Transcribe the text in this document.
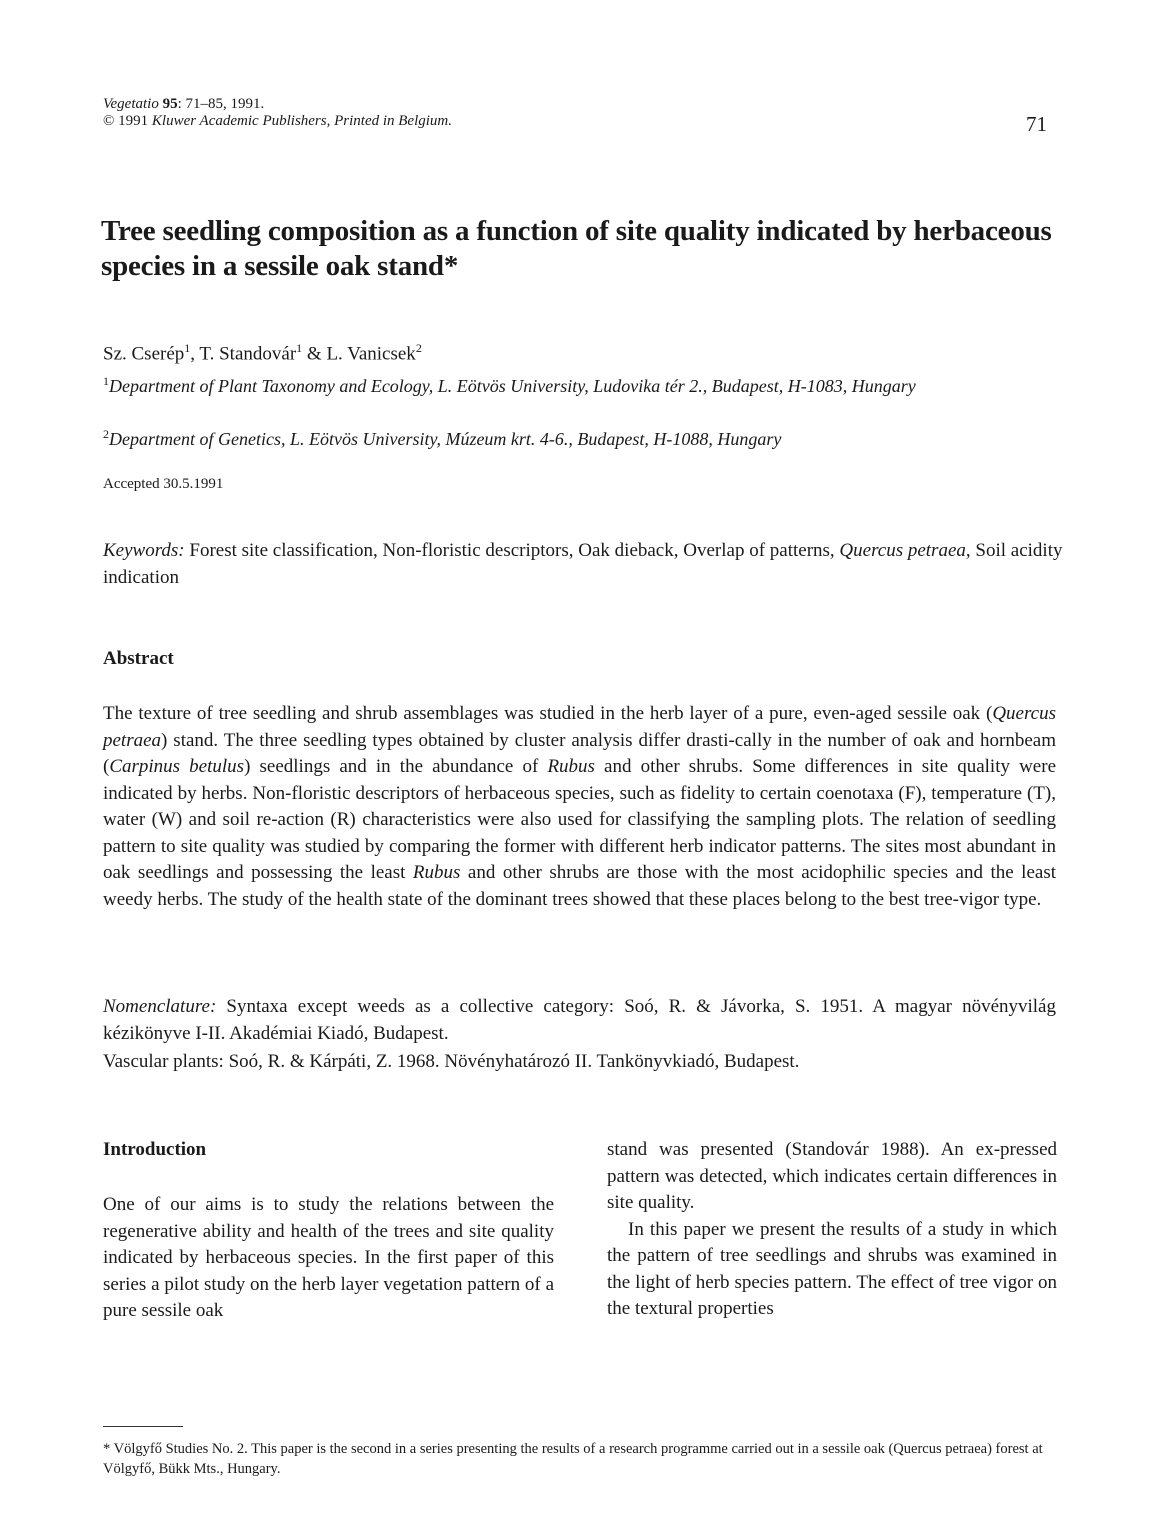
Vegetatio 95: 71–85, 1991.
© 1991 Kluwer Academic Publishers, Printed in Belgium.	71
Tree seedling composition as a function of site quality indicated by herbaceous species in a sessile oak stand*
Sz. Cserép$^1$, T. Standovár$^1$ & L. Vanicsek$^2$
$^1$Department of Plant Taxonomy and Ecology, L. Eötvös University, Ludovika tér 2., Budapest, H-1083, Hungary
$^2$Department of Genetics, L. Eötvös University, Múzeum krt. 4-6., Budapest, H-1088, Hungary
Accepted 30.5.1991
Keywords: Forest site classification, Non-floristic descriptors, Oak dieback, Overlap of patterns, Quercus petraea, Soil acidity indication
Abstract
The texture of tree seedling and shrub assemblages was studied in the herb layer of a pure, even-aged sessile oak (Quercus petraea) stand. The three seedling types obtained by cluster analysis differ drasti-cally in the number of oak and hornbeam (Carpinus betulus) seedlings and in the abundance of Rubus and other shrubs. Some differences in site quality were indicated by herbs. Non-floristic descriptors of herbaceous species, such as fidelity to certain coenotaxa (F), temperature (T), water (W) and soil re-action (R) characteristics were also used for classifying the sampling plots. The relation of seedling pattern to site quality was studied by comparing the former with different herb indicator patterns. The sites most abundant in oak seedlings and possessing the least Rubus and other shrubs are those with the most acidophilic species and the least weedy herbs. The study of the health state of the dominant trees showed that these places belong to the best tree-vigor type.
Nomenclature: Syntaxa except weeds as a collective category: Soó, R. & Jávorka, S. 1951. A magyar növényvilág kézikönyve I-II. Akadémiai Kiadó, Budapest.
Vascular plants: Soó, R. & Kárpáti, Z. 1968. Növényhatározó II. Tankönyvkiadó, Budapest.
Introduction
One of our aims is to study the relations between the regenerative ability and health of the trees and site quality indicated by herbaceous species. In the first paper of this series a pilot study on the herb layer vegetation pattern of a pure sessile oak
stand was presented (Standovár 1988). An ex-pressed pattern was detected, which indicates certain differences in site quality.
In this paper we present the results of a study in which the pattern of tree seedlings and shrubs was examined in the light of herb species pattern. The effect of tree vigor on the textural properties
* Völgyfő Studies No. 2. This paper is the second in a series presenting the results of a research programme carried out in a sessile oak (Quercus petraea) forest at Völgyfő, Bükk Mts., Hungary.
